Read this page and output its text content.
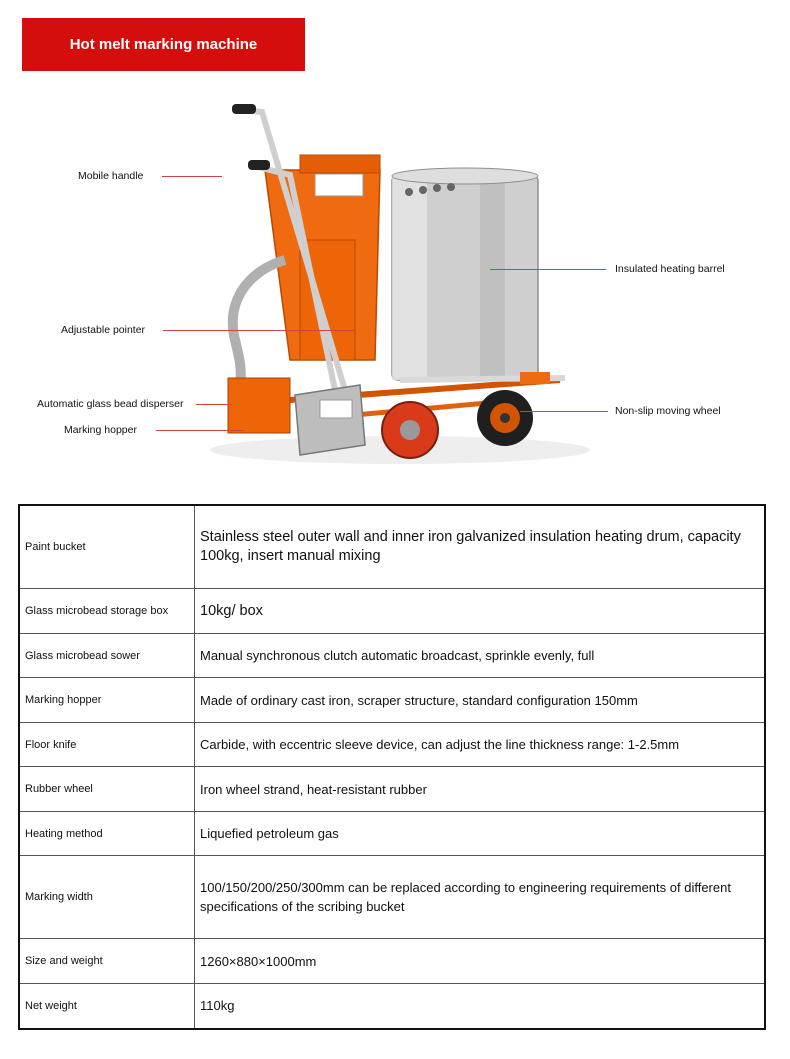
Hot melt marking machine
Mobile handle
Insulated heating barrel
Adjustable pointer
Automatic glass bead disperser
Non-slip moving wheel
Marking hopper
Paint bucket	Stainless steel outer wall and inner iron galvanized insulation heating drum, capacity 100kg, insert manual mixing
Glass microbead storage box	10kg/ box
Glass microbead sower	Manual synchronous clutch automatic broadcast, sprinkle evenly, full
Marking hopper	Made of ordinary cast iron, scraper structure, standard configuration 150mm
Floor knife	Carbide, with eccentric sleeve device, can adjust the line thickness range: 1-2.5mm
Rubber wheel	Iron wheel strand, heat-resistant rubber
Heating method	Liquefied petroleum gas
Marking width	100/150/200/250/300mm can be replaced according to engineering requirements of different specifications of the scribing bucket
Size and weight	1260×880×1000mm
Net weight	110kg
